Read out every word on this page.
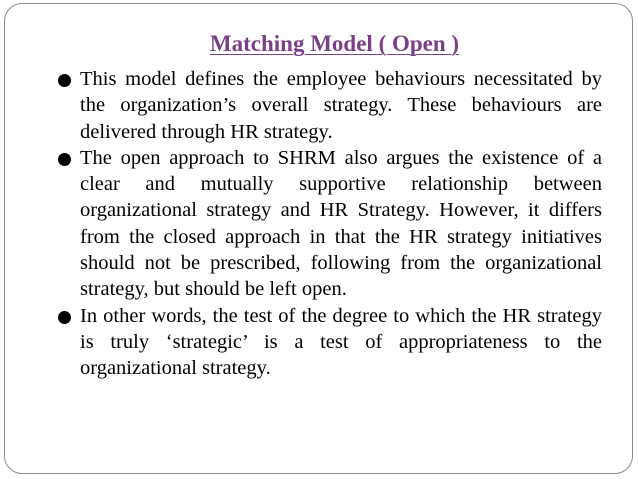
Matching Model ( Open )
This model defines the employee behaviours necessitated by the organization’s overall strategy. These behaviours are delivered through HR strategy.
The open approach to SHRM also argues the existence of a clear and mutually supportive relationship between organizational strategy and HR Strategy. However, it differs from the closed approach in that the HR strategy initiatives should not be prescribed, following from the organizational strategy, but should be left open.
In other words, the test of the degree to which the HR strategy is truly ‘strategic’ is a test of appropriateness to the organizational strategy.
